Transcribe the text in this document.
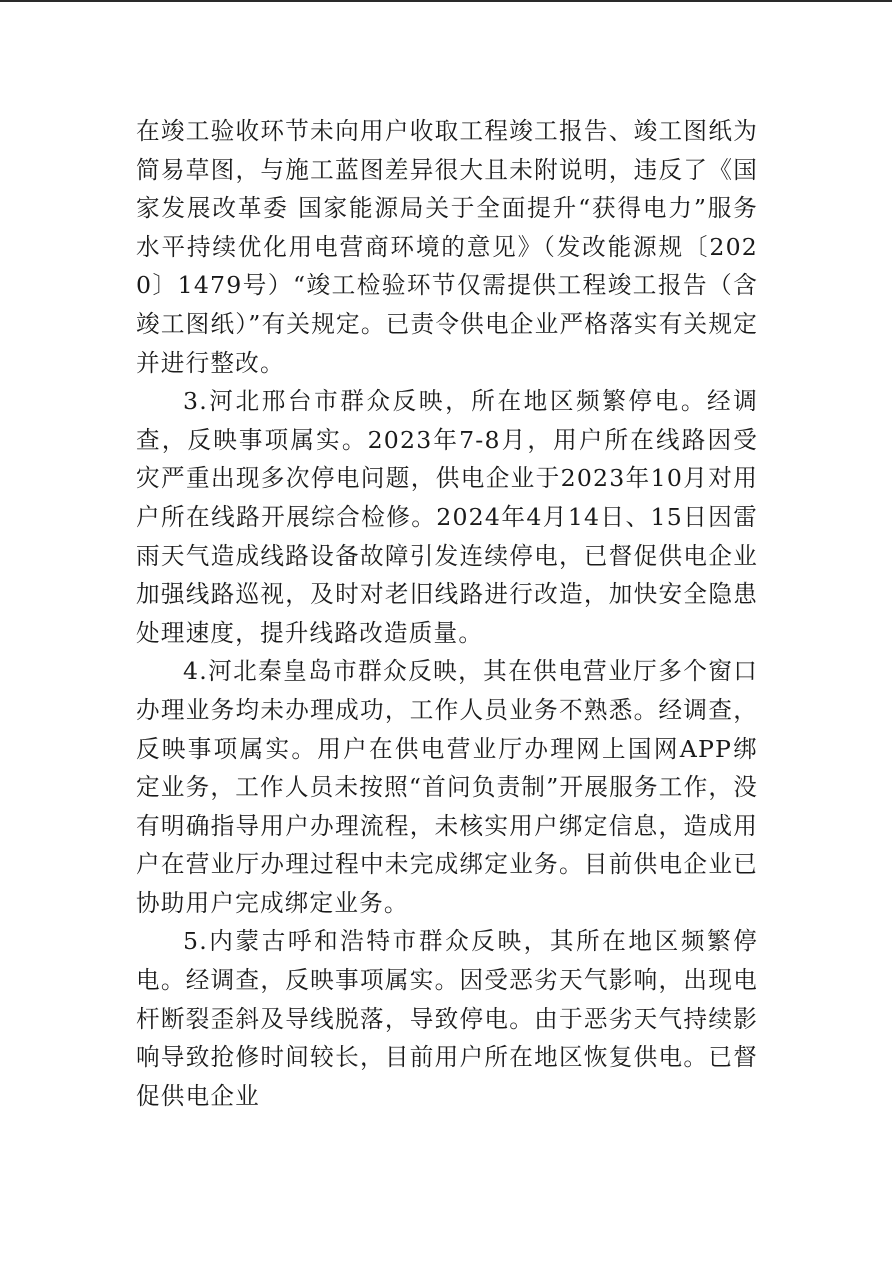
在竣工验收环节未向用户收取工程竣工报告、竣工图纸为简易草图，与施工蓝图差异很大且未附说明，违反了《国家发展改革委 国家能源局关于全面提升“获得电力”服务水平持续优化用电营商环境的意见》（发改能源规〔2020〕1479号）“竣工检验环节仅需提供工程竣工报告（含竣工图纸）”有关规定。已责令供电企业严格落实有关规定并进行整改。

3.河北邢台市群众反映，所在地区频繁停电。经调查，反映事项属实。2023年7-8月，用户所在线路因受灾严重出现多次停电问题，供电企业于2023年10月对用户所在线路开展综合检修。2024年4月14日、15日因雷雨天气造成线路设备故障引发连续停电，已督促供电企业加强线路巡视，及时对老旧线路进行改造，加快安全隐患处理速度，提升线路改造质量。

4.河北秦皇岛市群众反映，其在供电营业厅多个窗口办理业务均未办理成功，工作人员业务不熟悉。经调查，反映事项属实。用户在供电营业厅办理网上国网APP绑定业务，工作人员未按照“首问负责制”开展服务工作，没有明确指导用户办理流程，未核实用户绑定信息，造成用户在营业厅办理过程中未完成绑定业务。目前供电企业已协助用户完成绑定业务。

5.内蒙古呼和浩特市群众反映，其所在地区频繁停电。经调查，反映事项属实。因受恶劣天气影响，出现电杆断裂歪斜及导线脱落，导致停电。由于恶劣天气持续影响导致抢修时间较长，目前用户所在地区恢复供电。已督促供电企业
